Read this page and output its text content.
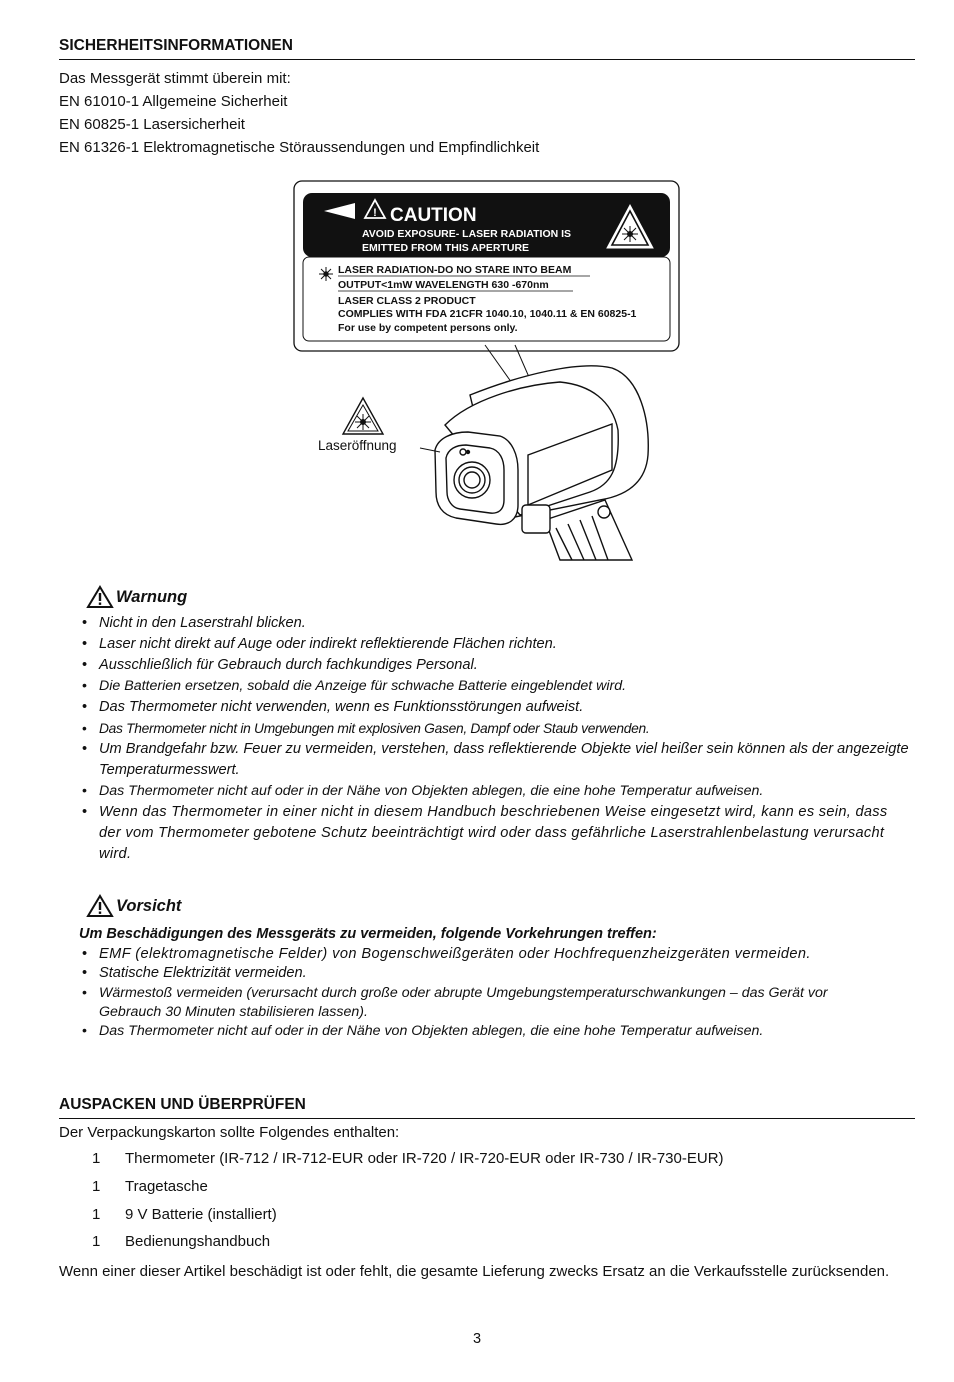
SICHERHEITSINFORMATIONEN
Das Messgerät stimmt überein mit:
EN 61010-1 Allgemeine Sicherheit
EN 60825-1 Lasersicherheit
EN 61326-1 Elektromagnetische Störaussendungen und Empfindlichkeit
! CAUTION
AVOID EXPOSURE- LASER RADIATION IS
EMITTED FROM THIS APERTURE
LASER RADIATION-DO NO STARE INTO BEAM
OUTPUT<1mW WAVELENGTH 630 -670nm
LASER CLASS 2 PRODUCT
COMPLIES WITH FDA 21CFR 1040.10, 1040.11 & EN 60825-1
For use by competent persons only.
Laseröffnung
Warnung
• Nicht in den Laserstrahl blicken.
• Laser nicht direkt auf Auge oder indirekt reflektierende Flächen richten.
• Ausschließlich für Gebrauch durch fachkundiges Personal.
• Die Batterien ersetzen, sobald die Anzeige für schwache Batterie eingeblendet wird.
• Das Thermometer nicht verwenden, wenn es Funktionsstörungen aufweist.
• Das Thermometer nicht in Umgebungen mit explosiven Gasen, Dampf oder Staub verwenden.
• Um Brandgefahr bzw. Feuer zu vermeiden, verstehen, dass reflektierende Objekte viel heißer sein können als der angezeigte Temperaturmesswert.
• Das Thermometer nicht auf oder in der Nähe von Objekten ablegen, die eine hohe Temperatur aufweisen.
• Wenn das Thermometer in einer nicht in diesem Handbuch beschriebenen Weise eingesetzt wird, kann es sein, dass der vom Thermometer gebotene Schutz beeinträchtigt wird oder dass gefährliche Laserstrahlenbelastung verursacht wird.
Vorsicht
Um Beschädigungen des Messgeräts zu vermeiden, folgende Vorkehrungen treffen:
• EMF (elektromagnetische Felder) von Bogenschweißgeräten oder Hochfrequenzheizgeräten vermeiden.
• Statische Elektrizität vermeiden.
• Wärmestoß vermeiden (verursacht durch große oder abrupte Umgebungstemperaturschwankungen – das Gerät vor Gebrauch 30 Minuten stabilisieren lassen).
• Das Thermometer nicht auf oder in der Nähe von Objekten ablegen, die eine hohe Temperatur aufweisen.
AUSPACKEN UND ÜBERPRÜFEN
Der Verpackungskarton sollte Folgendes enthalten:
1	Thermometer (IR-712 / IR-712-EUR oder IR-720 / IR-720-EUR oder IR-730 / IR-730-EUR)
1	Tragetasche
1	9 V Batterie (installiert)
1	Bedienungshandbuch
Wenn einer dieser Artikel beschädigt ist oder fehlt, die gesamte Lieferung zwecks Ersatz an die Verkaufsstelle zurücksenden.
3
